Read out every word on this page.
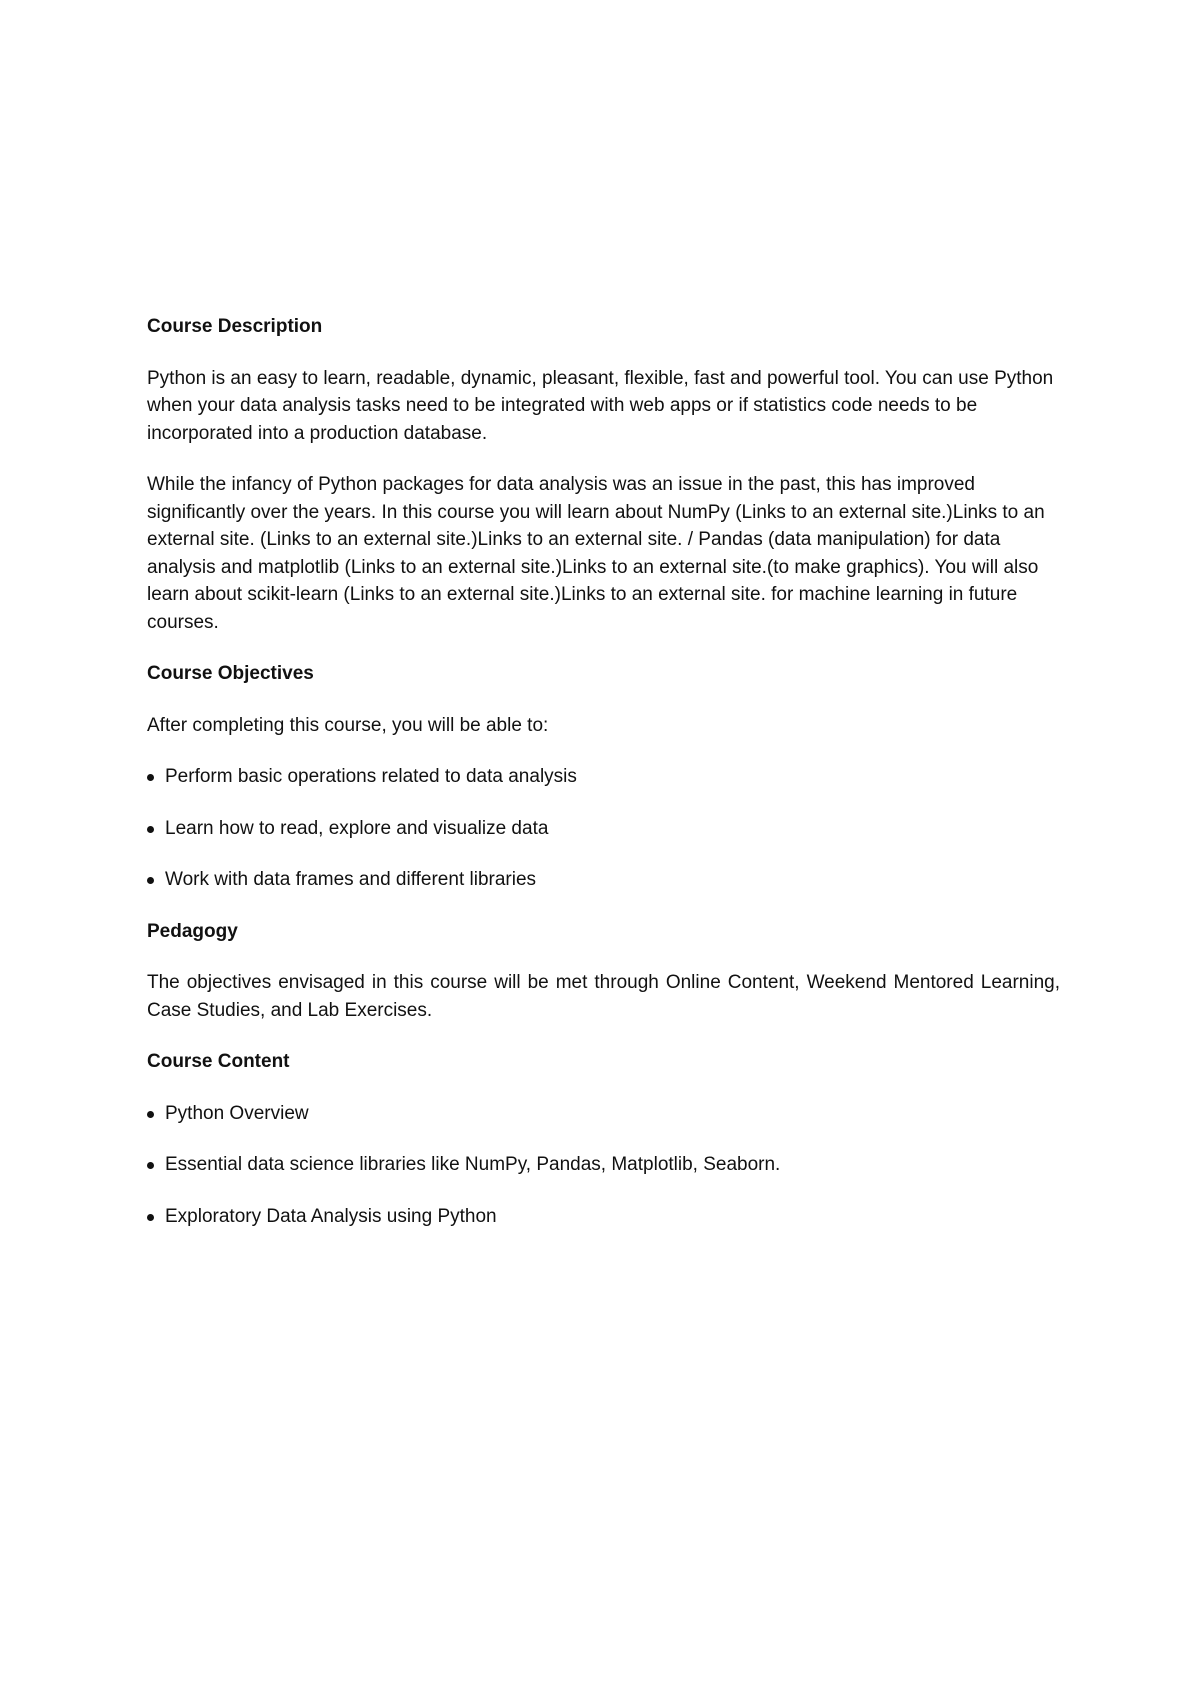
Course Description

Python is an easy to learn, readable, dynamic, pleasant, flexible, fast and powerful tool. You can use Python when your data analysis tasks need to be integrated with web apps or if statistics code needs to be incorporated into a production database.

While the infancy of Python packages for data analysis was an issue in the past, this has improved significantly over the years. In this course you will learn about NumPy (Links to an external site.)Links to an external site. (Links to an external site.)Links to an external site. / Pandas (data manipulation) for data analysis and matplotlib (Links to an external site.)Links to an external site.(to make graphics). You will also learn about scikit-learn (Links to an external site.)Links to an external site. for machine learning in future courses.

Course Objectives

After completing this course, you will be able to:

Perform basic operations related to data analysis
Learn how to read, explore and visualize data
Work with data frames and different libraries
Pedagogy

The objectives envisaged in this course will be met through Online Content, Weekend Mentored Learning, Case Studies, and Lab Exercises.

Course Content
Python Overview
Essential data science libraries like NumPy, Pandas, Matplotlib, Seaborn.
Exploratory Data Analysis using Python
